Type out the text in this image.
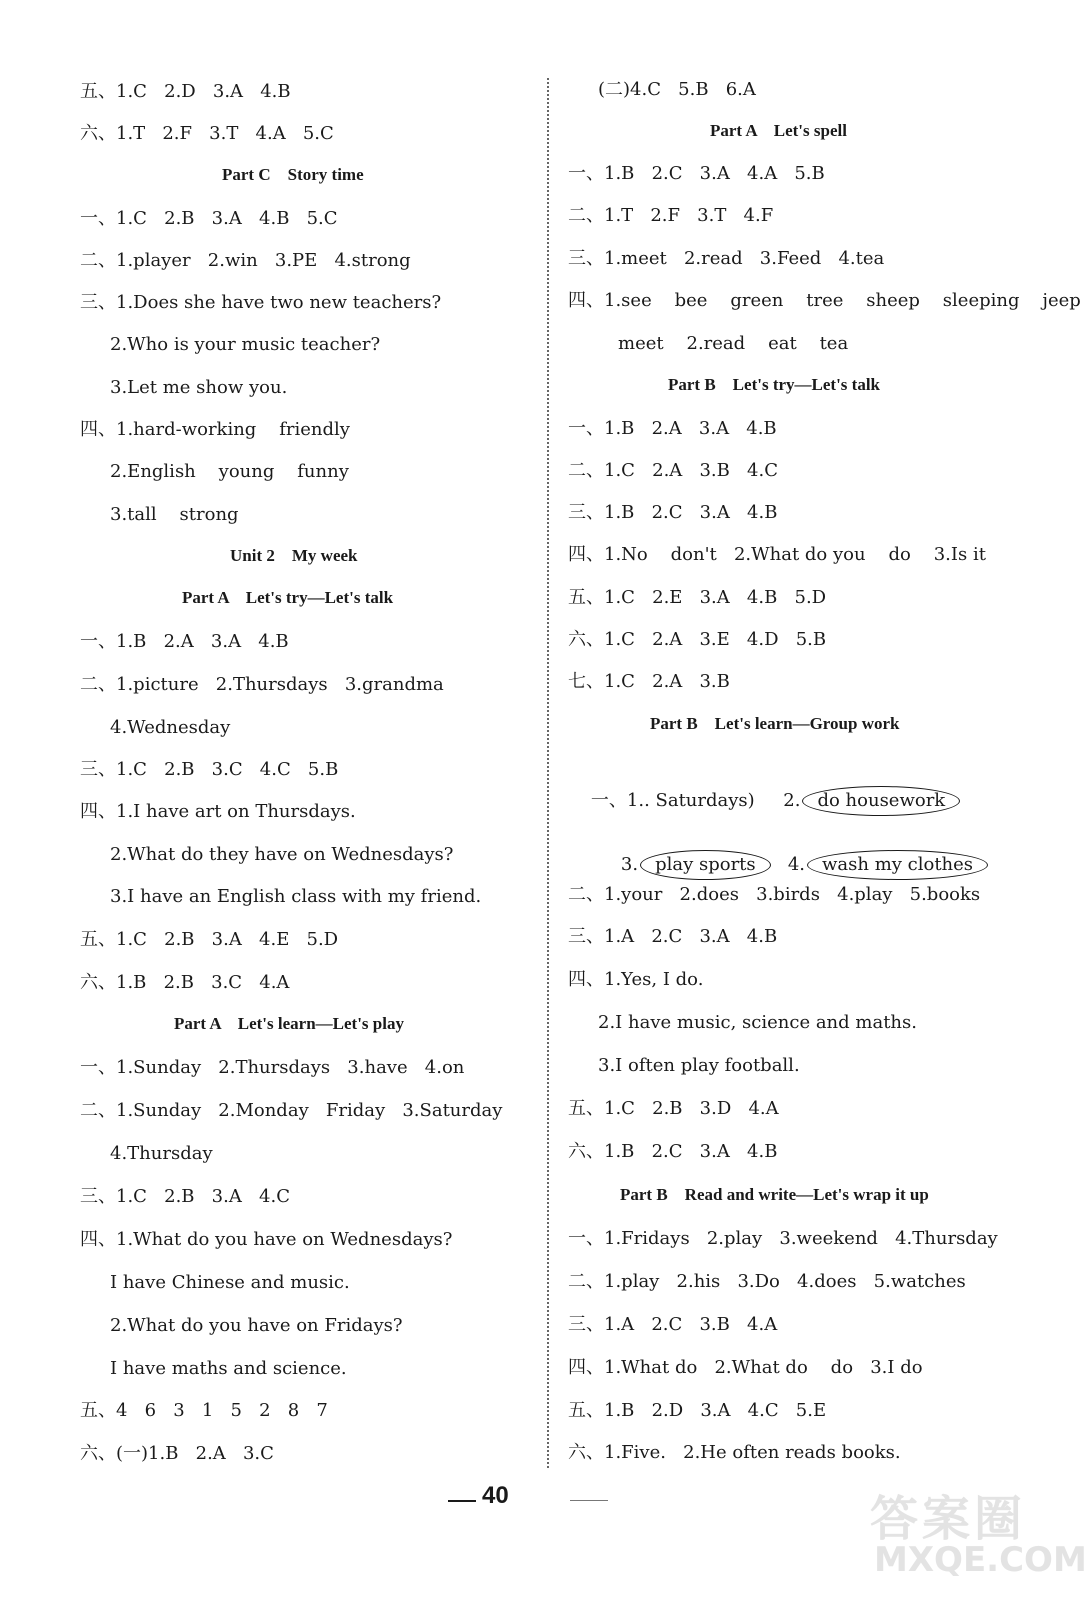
五、1.C   2.D   3.A   4.B
六、1.T   2.F   3.T   4.A   5.C
Part C    Story time
一、1.C   2.B   3.A   4.B   5.C
二、1.player   2.win   3.PE   4.strong
三、1.Does she have two new teachers?
2.Who is your music teacher?
3.Let me show you.
四、1.hard-working    friendly
2.English    young    funny
3.tall    strong
Unit 2    My week
Part A    Let's try—Let's talk
一、1.B   2.A   3.A   4.B
二、1.picture   2.Thursdays   3.grandma
4.Wednesday
三、1.C   2.B   3.C   4.C   5.B
四、1.I have art on Thursdays.
2.What do they have on Wednesdays?
3.I have an English class with my friend.
五、1.C   2.B   3.A   4.E   5.D
六、1.B   2.B   3.C   4.A
Part A    Let's learn—Let's play
一、1.Sunday   2.Thursdays   3.have   4.on
二、1.Sunday   2.Monday   Friday   3.Saturday
4.Thursday
三、1.C   2.B   3.A   4.C
四、1.What do you have on Wednesdays?
I have Chinese and music.
2.What do you have on Fridays?
I have maths and science.
五、4   6   3   1   5   2   8   7
六、(一)1.B   2.A   3.C
(二)4.C   5.B   6.A
Part A    Let's spell
一、1.B   2.C   3.A   4.A   5.B
二、1.T   2.F   3.T   4.F
三、1.meet   2.read   3.Feed   4.tea
四、1.see    bee    green    tree    sheep    sleeping    jeep
meet    2.read    eat    tea
Part B    Let's try—Let's talk
一、1.B   2.A   3.A   4.B
二、1.C   2.A   3.B   4.C
三、1.B   2.C   3.A   4.B
四、1.No    don't   2.What do you    do    3.Is it
五、1.C   2.E   3.A   4.B   5.D
六、1.C   2.A   3.E   4.D   5.B
七、1.C   2.A   3.B
Part B    Let's learn—Group work

一、1.. Saturdays)     2. do housework

3. play sports   4. wash my clothes

二、1.your   2.does   3.birds   4.play   5.books
三、1.A   2.C   3.A   4.B
四、1.Yes, I do.
2.I have music, science and maths.
3.I often play football.
五、1.C   2.B   3.D   4.A
六、1.B   2.C   3.A   4.B
Part B    Read and write—Let's wrap it up
一、1.Fridays   2.play   3.weekend   4.Thursday
二、1.play   2.his   3.Do   4.does   5.watches
三、1.A   2.C   3.B   4.A
四、1.What do   2.What do    do   3.I do
五、1.B   2.D   3.A   4.C   5.E
六、1.Five.   2.He often reads books.
40	答案圈
MXQE.COM
